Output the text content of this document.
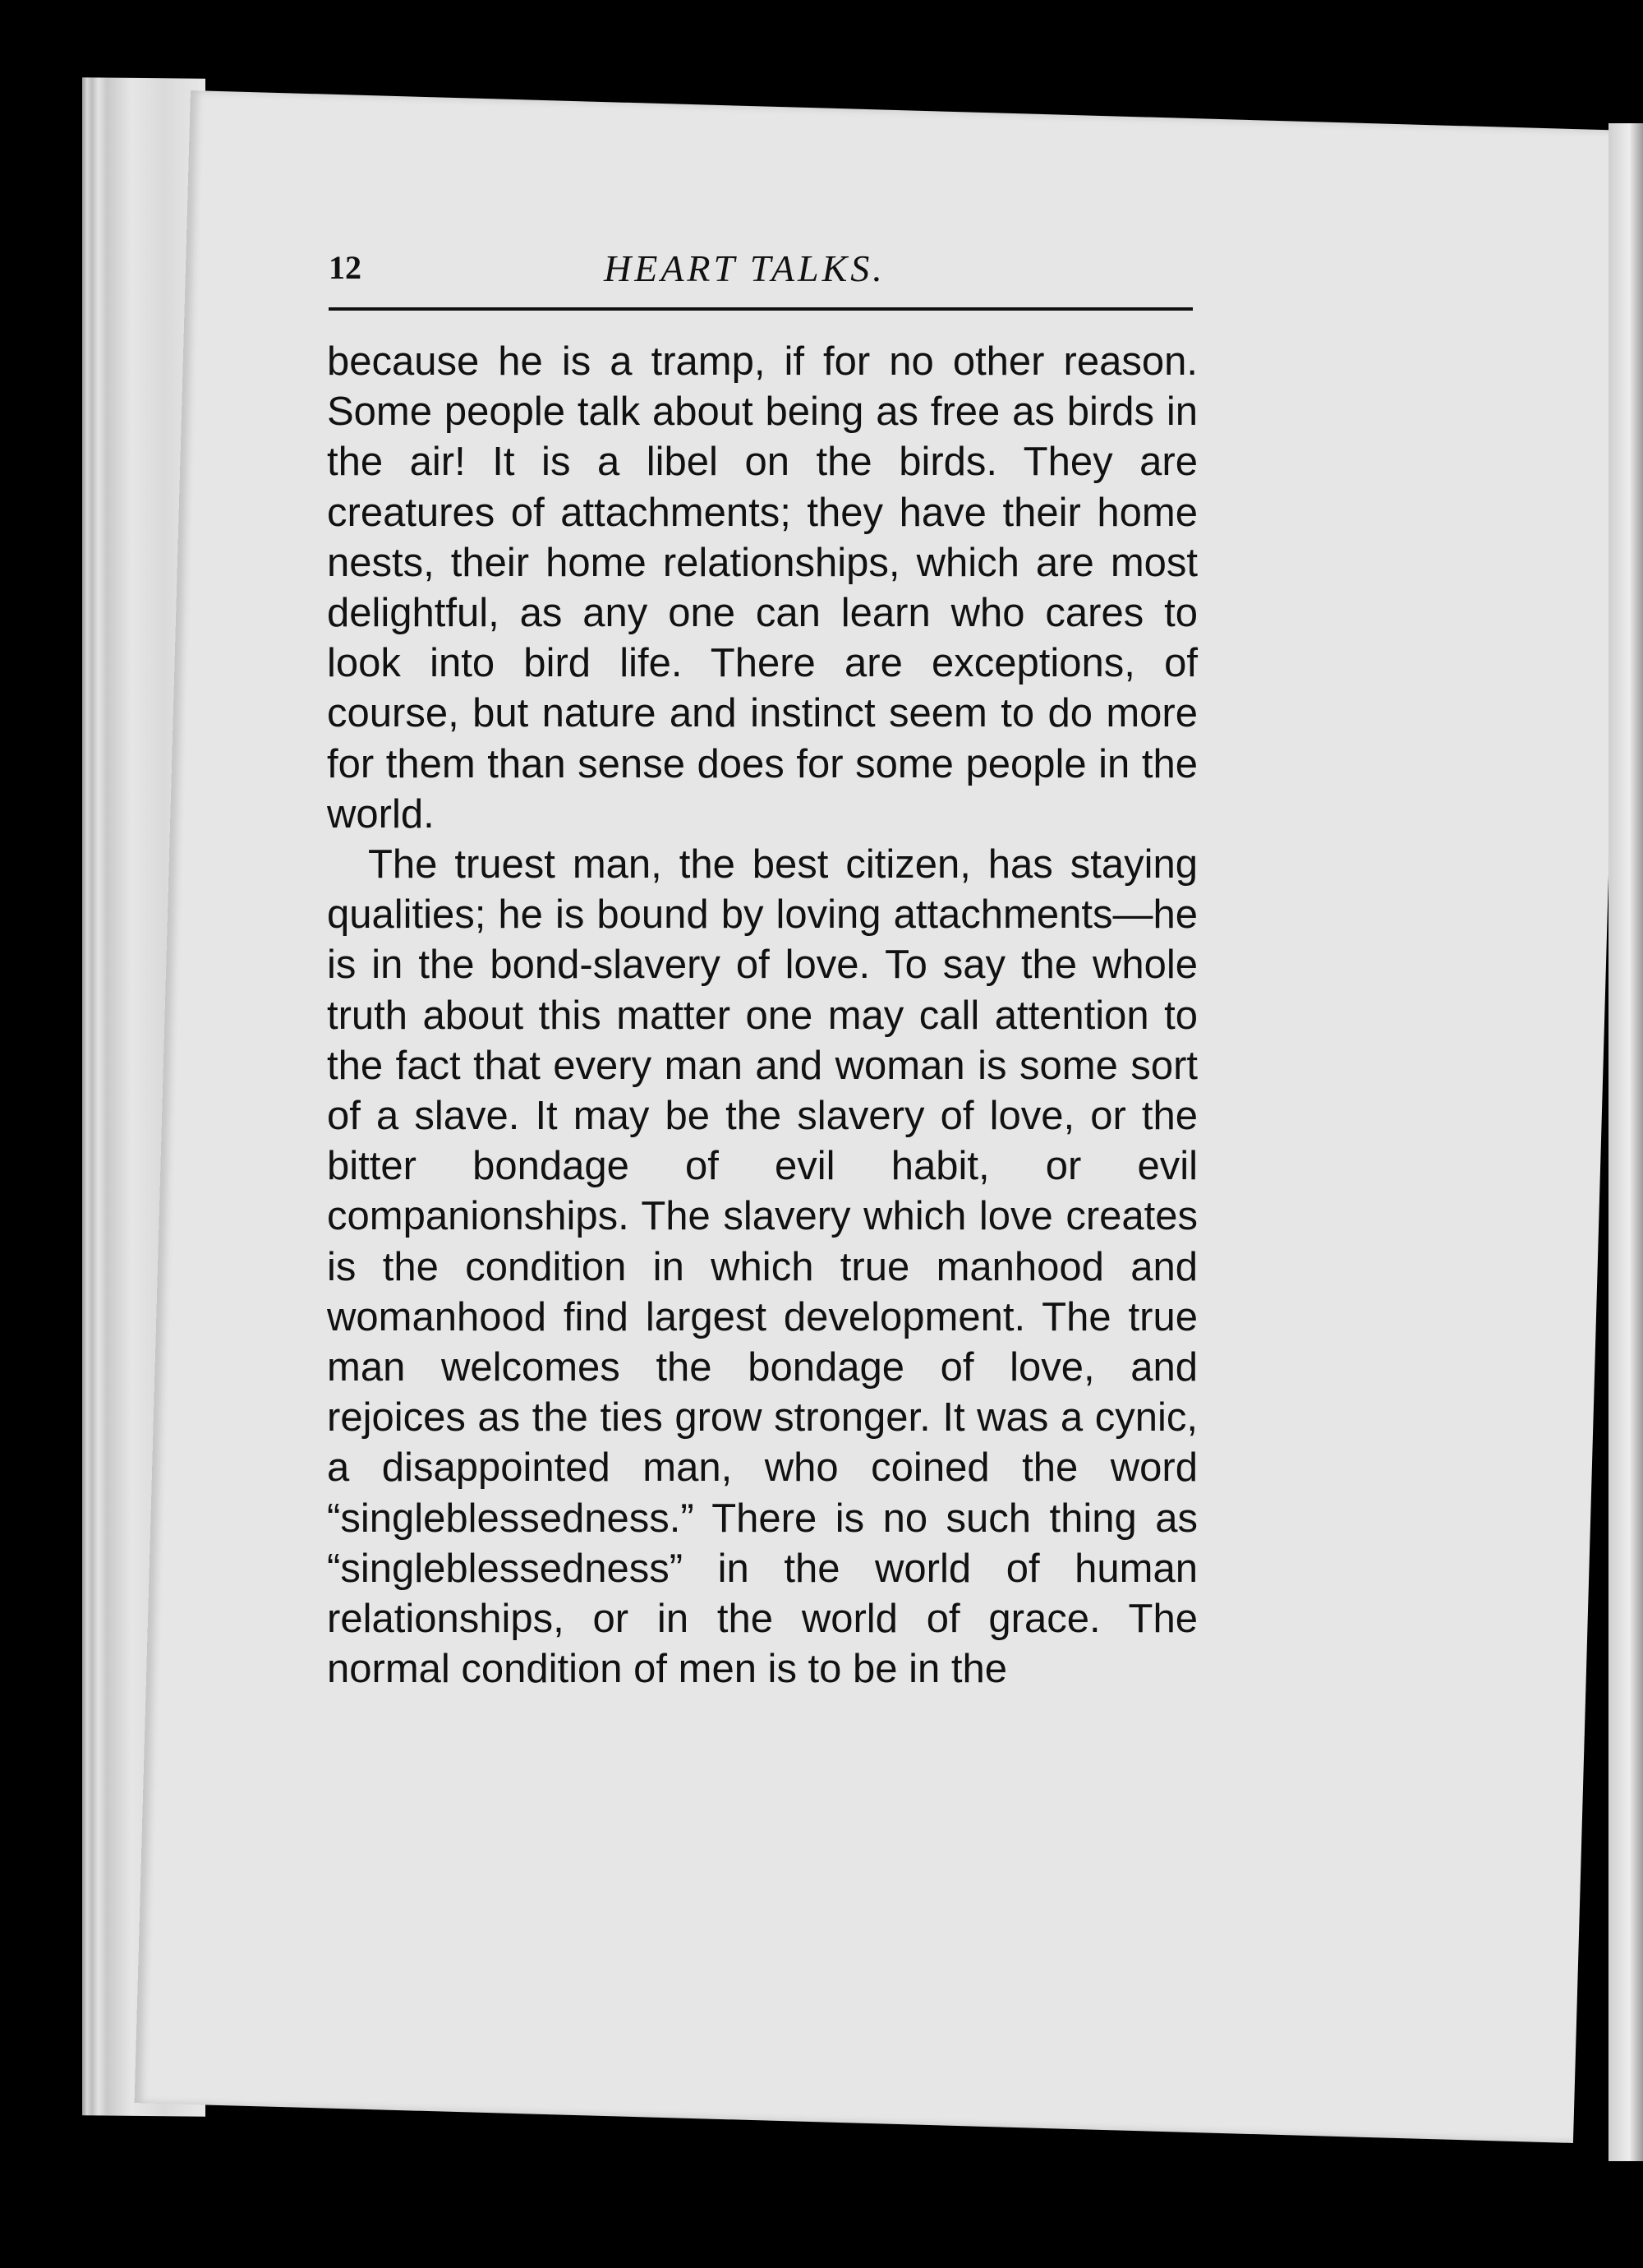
12	HEART TALKS.

because he is a tramp, if for no other reason. Some people talk about being as free as birds in the air! It is a libel on the birds. They are creatures of attachments; they have their home nests, their home relationships, which are most delightful, as any one can learn who cares to look into bird life. There are exceptions, of course, but nature and instinct seem to do more for them than sense does for some people in the world.

The truest man, the best citizen, has staying qualities; he is bound by loving attachments—he is in the bond-slavery of love. To say the whole truth about this matter one may call attention to the fact that every man and woman is some sort of a slave. It may be the slavery of love, or the bitter bondage of evil habit, or evil companionships. The slavery which love creates is the condition in which true manhood and womanhood find largest development. The true man welcomes the bondage of love, and rejoices as the ties grow stronger. It was a cynic, a disappointed man, who coined the word “singleblessedness.” There is no such thing as “singleblessedness” in the world of human relationships, or in the world of grace. The normal condition of men is to be in the
